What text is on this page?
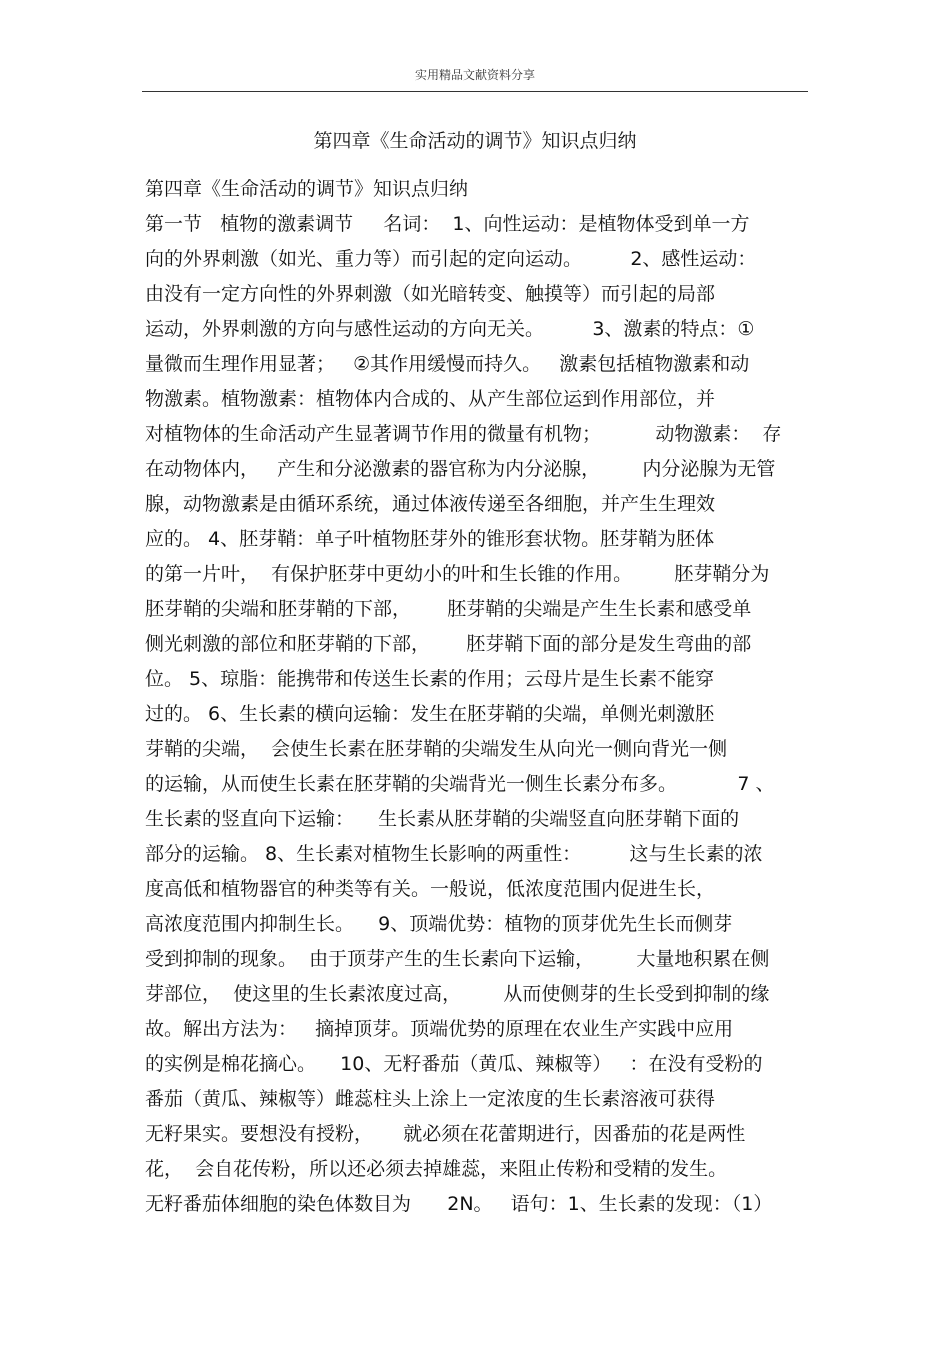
实用精品文献资料分享
第四章《生命活动的调节》知识点归纳
第四章《生命活动的调节》知识点归纳
第一节   植物的激素调节     名词：  1、向性运动：是植物体受到单一方
向的外界刺激（如光、重力等）而引起的定向运动。        2、感性运动：
由没有一定方向性的外界刺激（如光暗转变、触摸等）而引起的局部
运动，外界刺激的方向与感性运动的方向无关。        3、激素的特点：①
量微而生理作用显著；   ②其作用缓慢而持久。   激素包括植物激素和动
物激素。植物激素：植物体内合成的、从产生部位运到作用部位，并
对植物体的生命活动产生显著调节作用的微量有机物；         动物激素：  存
在动物体内，   产生和分泌激素的器官称为内分泌腺，       内分泌腺为无管
腺，动物激素是由循环系统，通过体液传递至各细胞，并产生生理效
应的。 4、胚芽鞘：单子叶植物胚芽外的锥形套状物。胚芽鞘为胚体
的第一片叶，  有保护胚芽中更幼小的叶和生长锥的作用。       胚芽鞘分为
胚芽鞘的尖端和胚芽鞘的下部，      胚芽鞘的尖端是产生生长素和感受单
侧光刺激的部位和胚芽鞘的下部，      胚芽鞘下面的部分是发生弯曲的部
位。 5、琼脂：能携带和传送生长素的作用；云母片是生长素不能穿
过的。 6、生长素的横向运输：发生在胚芽鞘的尖端，单侧光刺激胚
芽鞘的尖端，  会使生长素在胚芽鞘的尖端发生从向光一侧向背光一侧
的运输，从而使生长素在胚芽鞘的尖端背光一侧生长素分布多。          7 、
生长素的竖直向下运输：    生长素从胚芽鞘的尖端竖直向胚芽鞘下面的
部分的运输。 8、生长素对植物生长影响的两重性：        这与生长素的浓
度高低和植物器官的种类等有关。一般说，低浓度范围内促进生长，
高浓度范围内抑制生长。    9、顶端优势：植物的顶芽优先生长而侧芽
受到抑制的现象。  由于顶芽产生的生长素向下运输，       大量地积累在侧
芽部位，  使这里的生长素浓度过高，       从而使侧芽的生长受到抑制的缘
故。解出方法为：   摘掉顶芽。顶端优势的原理在农业生产实践中应用
的实例是棉花摘心。    10、无籽番茄（黄瓜、辣椒等）   ：在没有受粉的
番茄（黄瓜、辣椒等）雌蕊柱头上涂上一定浓度的生长素溶液可获得
无籽果实。要想没有授粉，     就必须在花蕾期进行，因番茄的花是两性
花，  会自花传粉，所以还必须去掉雄蕊，来阻止传粉和受精的发生。
无籽番茄体细胞的染色体数目为      2N。   语句：1、生长素的发现：（1）
